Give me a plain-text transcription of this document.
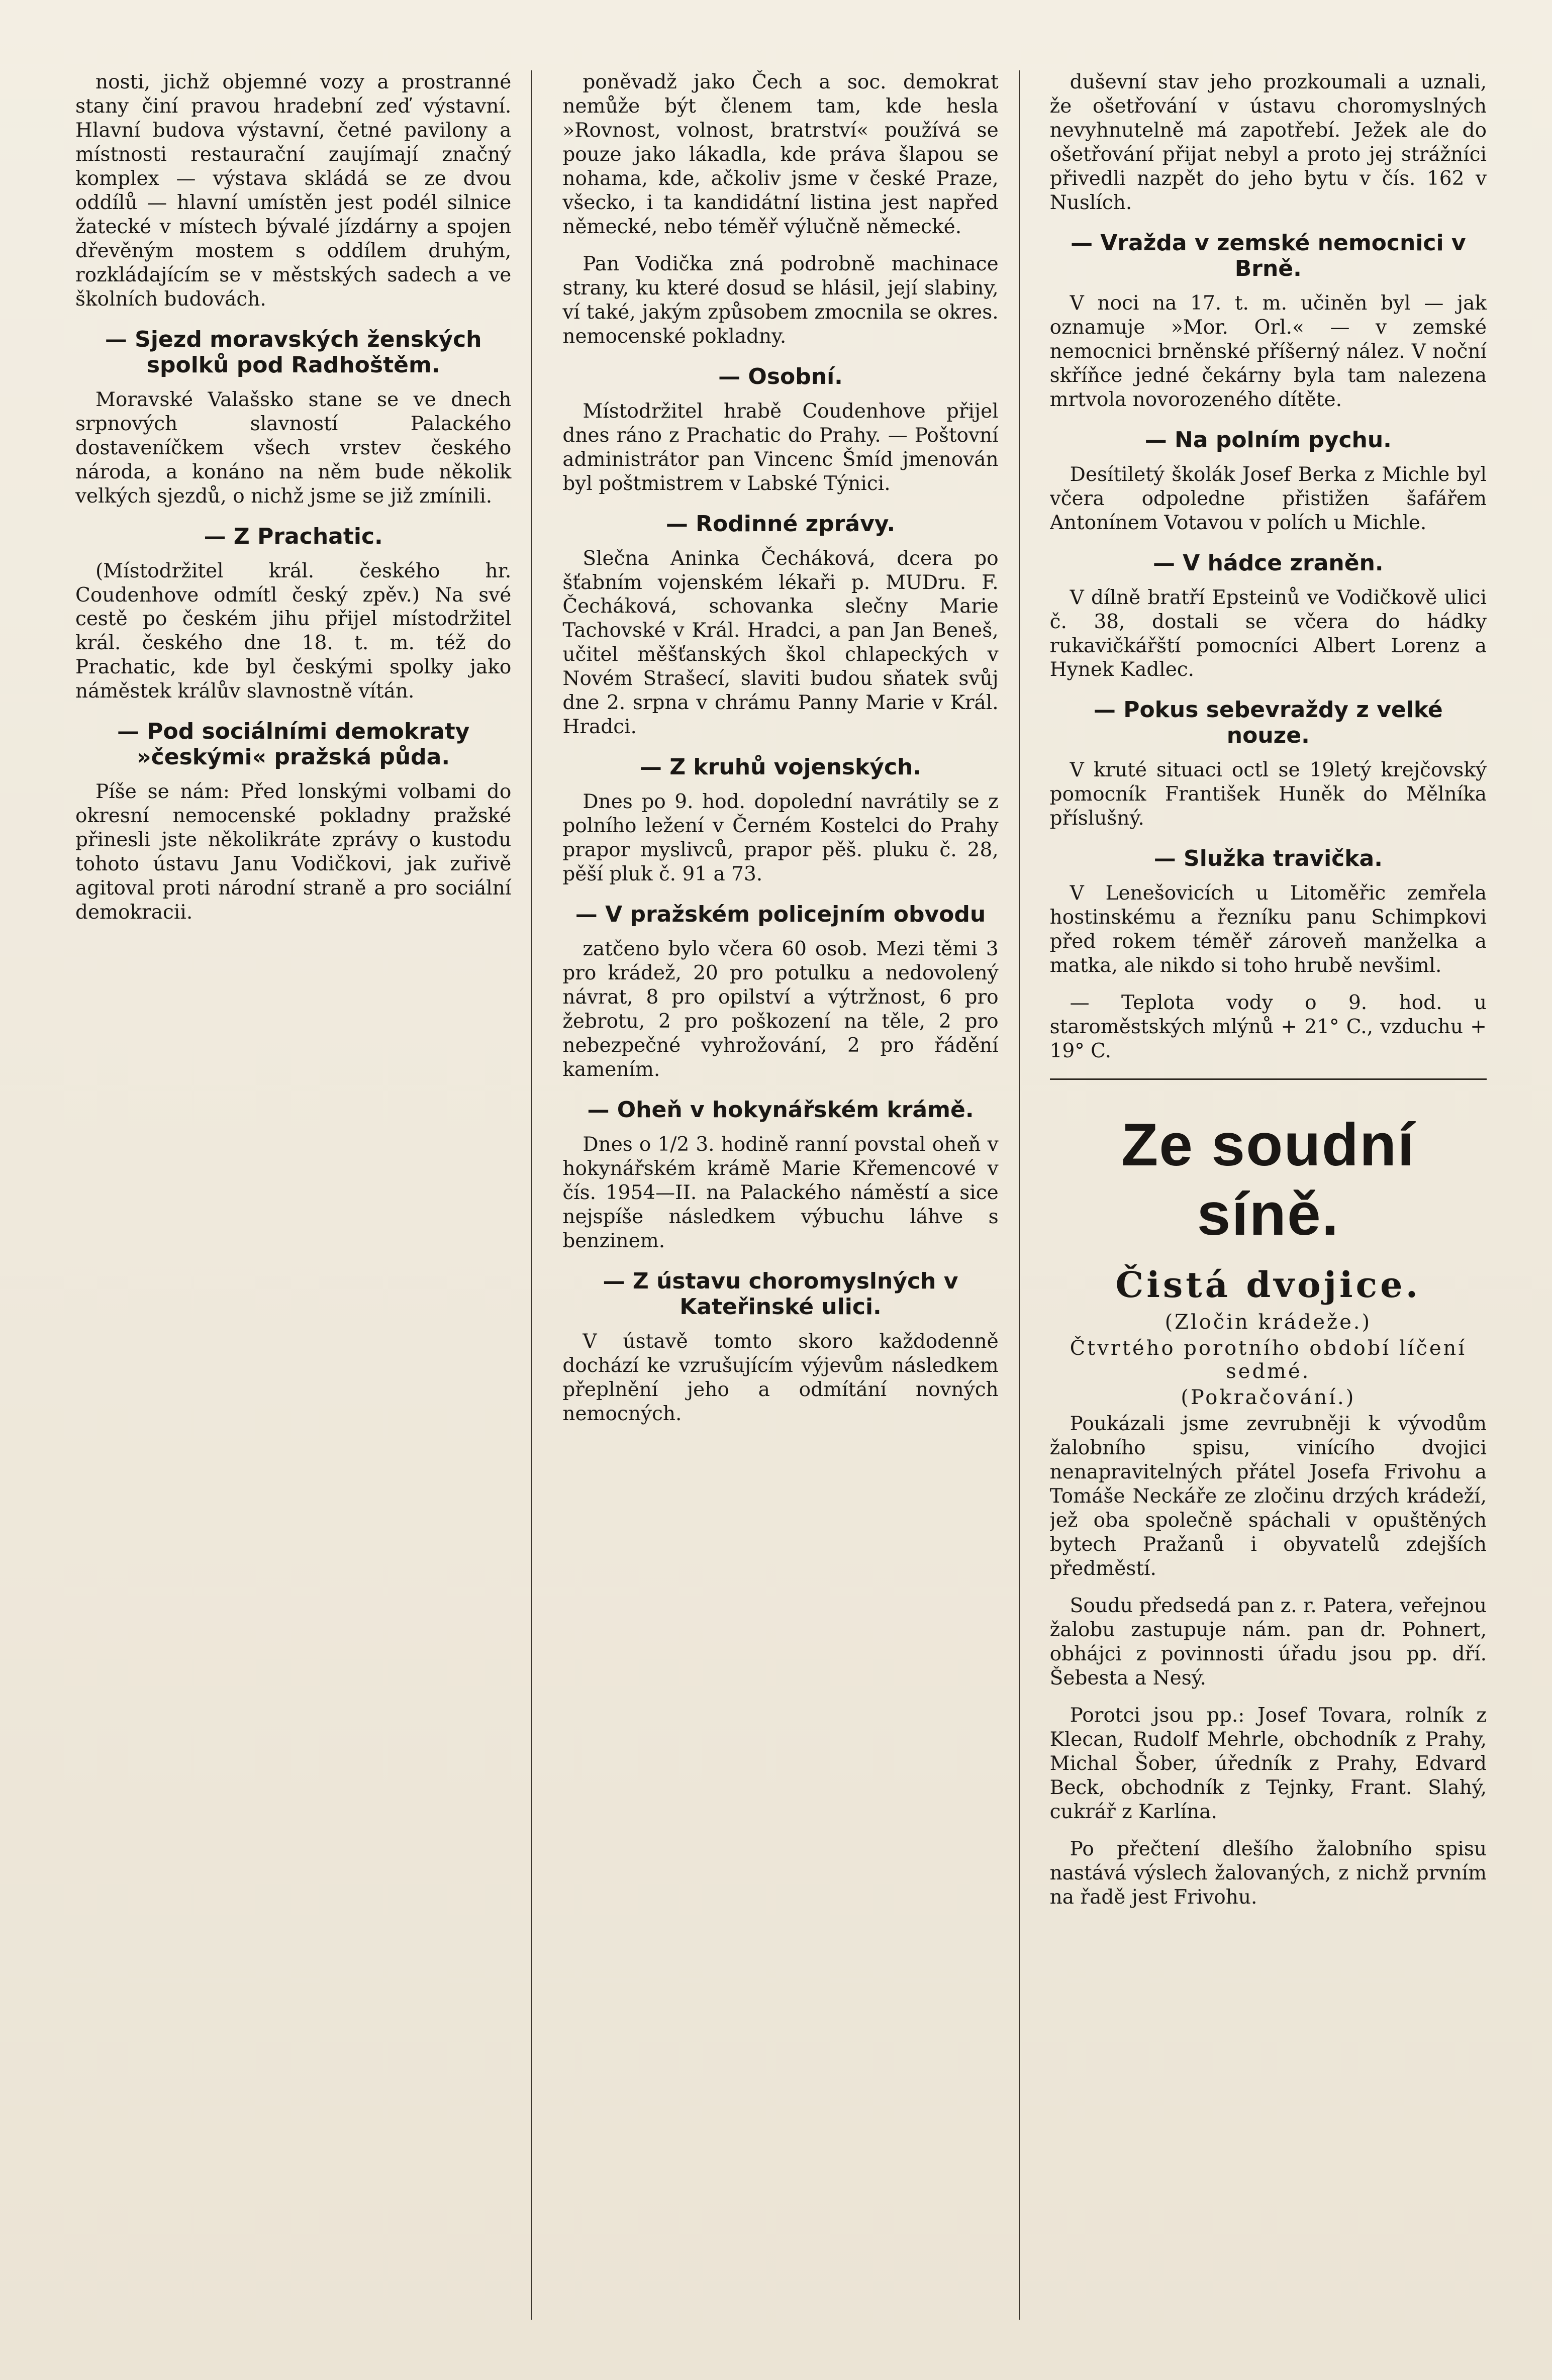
nosti, jichž objemné vozy a prostranné stany činí pravou hradební zeď výstavní. Hlavní budova výstavní, četné pavilony a místnosti restaurační zaujímají značný komplex — výstava skládá se ze dvou oddílů — hlavní umístěn jest podél silnice žatecké v místech bývalé jízdárny a spojen dřevěným mostem s oddílem druhým, rozkládajícím se v městských sadech a ve školních budovách.

— Sjezd moravských ženských spolků pod Radhoštěm.

Moravské Valašsko stane se ve dnech srpnových slavností Palackého dostaveníčkem všech vrstev českého národa, a konáno na něm bude několik velkých sjezdů, o nichž jsme se již zmínili.

— Z Prachatic.

(Místodržitel král. českého hr. Coudenhove odmítl český zpěv.) Na své cestě po českém jihu přijel místodržitel král. českého dne 18. t. m. též do Prachatic, kde byl českými spolky jako náměstek králův slavnostně vítán.

— Pod sociálními demokraty »českými« pražská půda.

Píše se nám: Před lonskými volbami do okresní nemocenské pokladny pražské přinesli jste několikráte zprávy o kustodu tohoto ústavu Janu Vodičkovi, jak zuřivě agitoval proti národní straně a pro sociální demokracii.

poněvadž jako Čech a soc. demokrat nemůže být členem tam, kde hesla »Rovnost, volnost, bratrství« používá se pouze jako lákadla, kde práva šlapou se nohama, kde, ačkoliv jsme v české Praze, všecko, i ta kandidátní listina jest napřed německé, nebo téměř výlučně německé.

Pan Vodička zná podrobně machinace strany, ku které dosud se hlásil, její slabiny, ví také, jakým způsobem zmocnila se okres. nemocenské pokladny.

— Osobní.

Místodržitel hrabě Coudenhove přijel dnes ráno z Prachatic do Prahy. — Poštovní administrátor pan Vincenc Šmíd jmenován byl poštmistrem v Labské Týnici.

— Rodinné zprávy.

Slečna Aninka Čecháková, dcera po šťabním vojenském lékaři p. MUDru. F. Čecháková, schovanka slečny Marie Tachovské v Král. Hradci, a pan Jan Beneš, učitel měšťanských škol chlapeckých v Novém Strašecí, slaviti budou sňatek svůj dne 2. srpna v chrámu Panny Marie v Král. Hradci.

— Z kruhů vojenských.

Dnes po 9. hod. dopolední navrátily se z polního ležení v Černém Kostelci do Prahy prapor myslivců, prapor pěš. pluku č. 28, pěší pluk č. 91 a 73.

— V pražském policejním obvodu

zatčeno bylo včera 60 osob. Mezi těmi 3 pro krádež, 20 pro potulku a nedovolený návrat, 8 pro opilství a výtržnost, 6 pro žebrotu, 2 pro poškození na těle, 2 pro nebezpečné vyhrožování, 2 pro řádění kamením.

— Oheň v hokynářském krámě.

Dnes o 1/2 3. hodině ranní povstal oheň v hokynářském krámě Marie Křemencové v čís. 1954—II. na Palackého náměstí a sice nejspíše následkem výbuchu láhve s benzinem.

— Z ústavu choromyslných v Kateřinské ulici.

V ústavě tomto skoro každodenně dochází ke vzrušujícím výjevům následkem přeplnění jeho a odmítání novných nemocných.

duševní stav jeho prozkoumali a uznali, že ošetřování v ústavu choromyslných nevyhnutelně má zapotřebí. Ježek ale do ošetřování přijat nebyl a proto jej strážníci přivedli nazpět do jeho bytu v čís. 162 v Nuslích.

— Vražda v zemské nemocnici v Brně.

V noci na 17. t. m. učiněn byl — jak oznamuje »Mor. Orl.« — v zemské nemocnici brněnské příšerný nález. V noční skříňce jedné čekárny byla tam nalezena mrtvola novorozeného dítěte.

— Na polním pychu.

Desítiletý školák Josef Berka z Michle byl včera odpoledne přistižen šafářem Antonínem Votavou v polích u Michle.

— V hádce zraněn.

V dílně bratří Epsteinů ve Vodičkově ulici č. 38, dostali se včera do hádky rukavičkářští pomocníci Albert Lorenz a Hynek Kadlec.

— Pokus sebevraždy z velké nouze.

V kruté situaci octl se 19letý krejčovský pomocník František Huněk do Mělníka příslušný.

— Služka travička.

V Lenešovicích u Litoměřic zemřela hostinskému a řezníku panu Schimpkovi před rokem téměř zároveň manželka a matka, ale nikdo si toho hrubě nevšiml.

— Teplota vody o 9. hod. u staroměstských mlýnů + 21° C., vzduchu + 19° C.

Ze soudní síně.
Čistá dvojice.
(Zločin krádeže.)
Čtvrtého porotního období líčení sedmé.
(Pokračování.)

Poukázali jsme zevrubněji k vývodům žalobního spisu, vinícího dvojici nenapravitelných přátel Josefa Frivohu a Tomáše Neckáře ze zločinu drzých krádeží, jež oba společně spáchali v opuštěných bytech Pražanů i obyvatelů zdejších předměstí.

Soudu předsedá pan z. r. Patera, veřejnou žalobu zastupuje nám. pan dr. Pohnert, obhájci z povinnosti úřadu jsou pp. dří. Šebesta a Nesý.

Porotci jsou pp.: Josef Tovara, rolník z Klecan, Rudolf Mehrle, obchodník z Prahy, Michal Šober, úředník z Prahy, Edvard Beck, obchodník z Tejnky, Frant. Slahý, cukrář z Karlína.

Po přečtení dlešího žalobního spisu nastává výslech žalovaných, z nichž prvním na řadě jest Frivohu.
